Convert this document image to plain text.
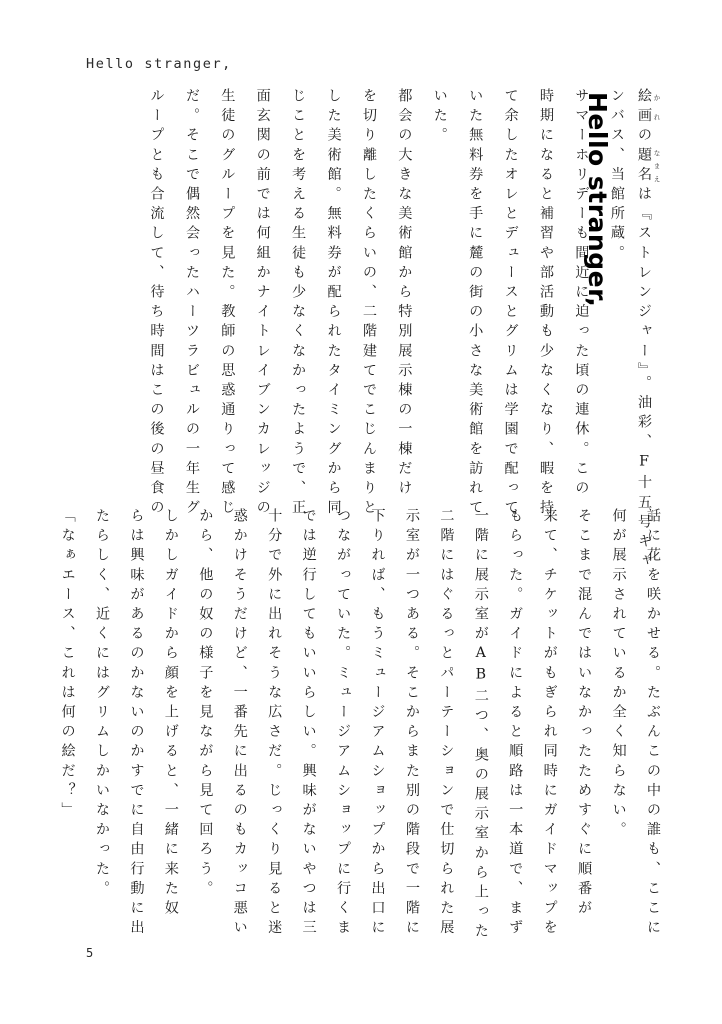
Hello stranger,
Hello stranger, 絵画 かれの題名 なまえは『ストレンジャー』。油彩、F十五号キャ
ンバス、当館所蔵。
サマーホリデーも間近に迫った頃の連休。この
時期になると補習や部活動も少なくなり、暇を持
て余したオレとデュースとグリムは学園で配って
いた無料券を手に麓の街の小さな美術館を訪れて
いた。
都会の大きな美術館から特別展示棟の一棟だけ
を切り離したくらいの、二階建てでこじんまりと
した美術館。無料券が配られたタイミングから同
じことを考える生徒も少なくなかったようで、正
面玄関の前では何組かナイトレイブンカレッジの
生徒のグループを見た。教師の思惑通りって感じ
だ。そこで偶然会ったハーツラビュルの一年生グ
ループとも合流して、待ち時間はこの後の昼食の
話に花を咲かせる。たぶんこの中の誰も、ここに
何が展示されているか全く知らない。
そこまで混んではいなかったためすぐに順番が
来て、チケットがもぎられ同時にガイドマップを
もらった。ガイドによると順路は一本道で、まず
一階に展示室がAB二つ、奥の展示室から上った
二階にはぐるっとパーテーションで仕切られた展
示室が一つある。そこからまた別の階段で一階に
下りれば、もうミュージアムショップから出口に
つながっていた。ミュージアムショップに行くま
では逆行してもいいらしい。興味がないやつは三
十分で外に出れそうな広さだ。じっくり見ると迷
惑かけそうだけど、一番先に出るのもカッコ悪い
から、他の奴の様子を見ながら見て回ろう。
しかしガイドから顔を上げると、一緒に来た奴
らは興味があるのかないのかすでに自由行動に出
たらしく、近くにはグリムしかいなかった。
「なぁエース、これは何の絵だ？」
5
